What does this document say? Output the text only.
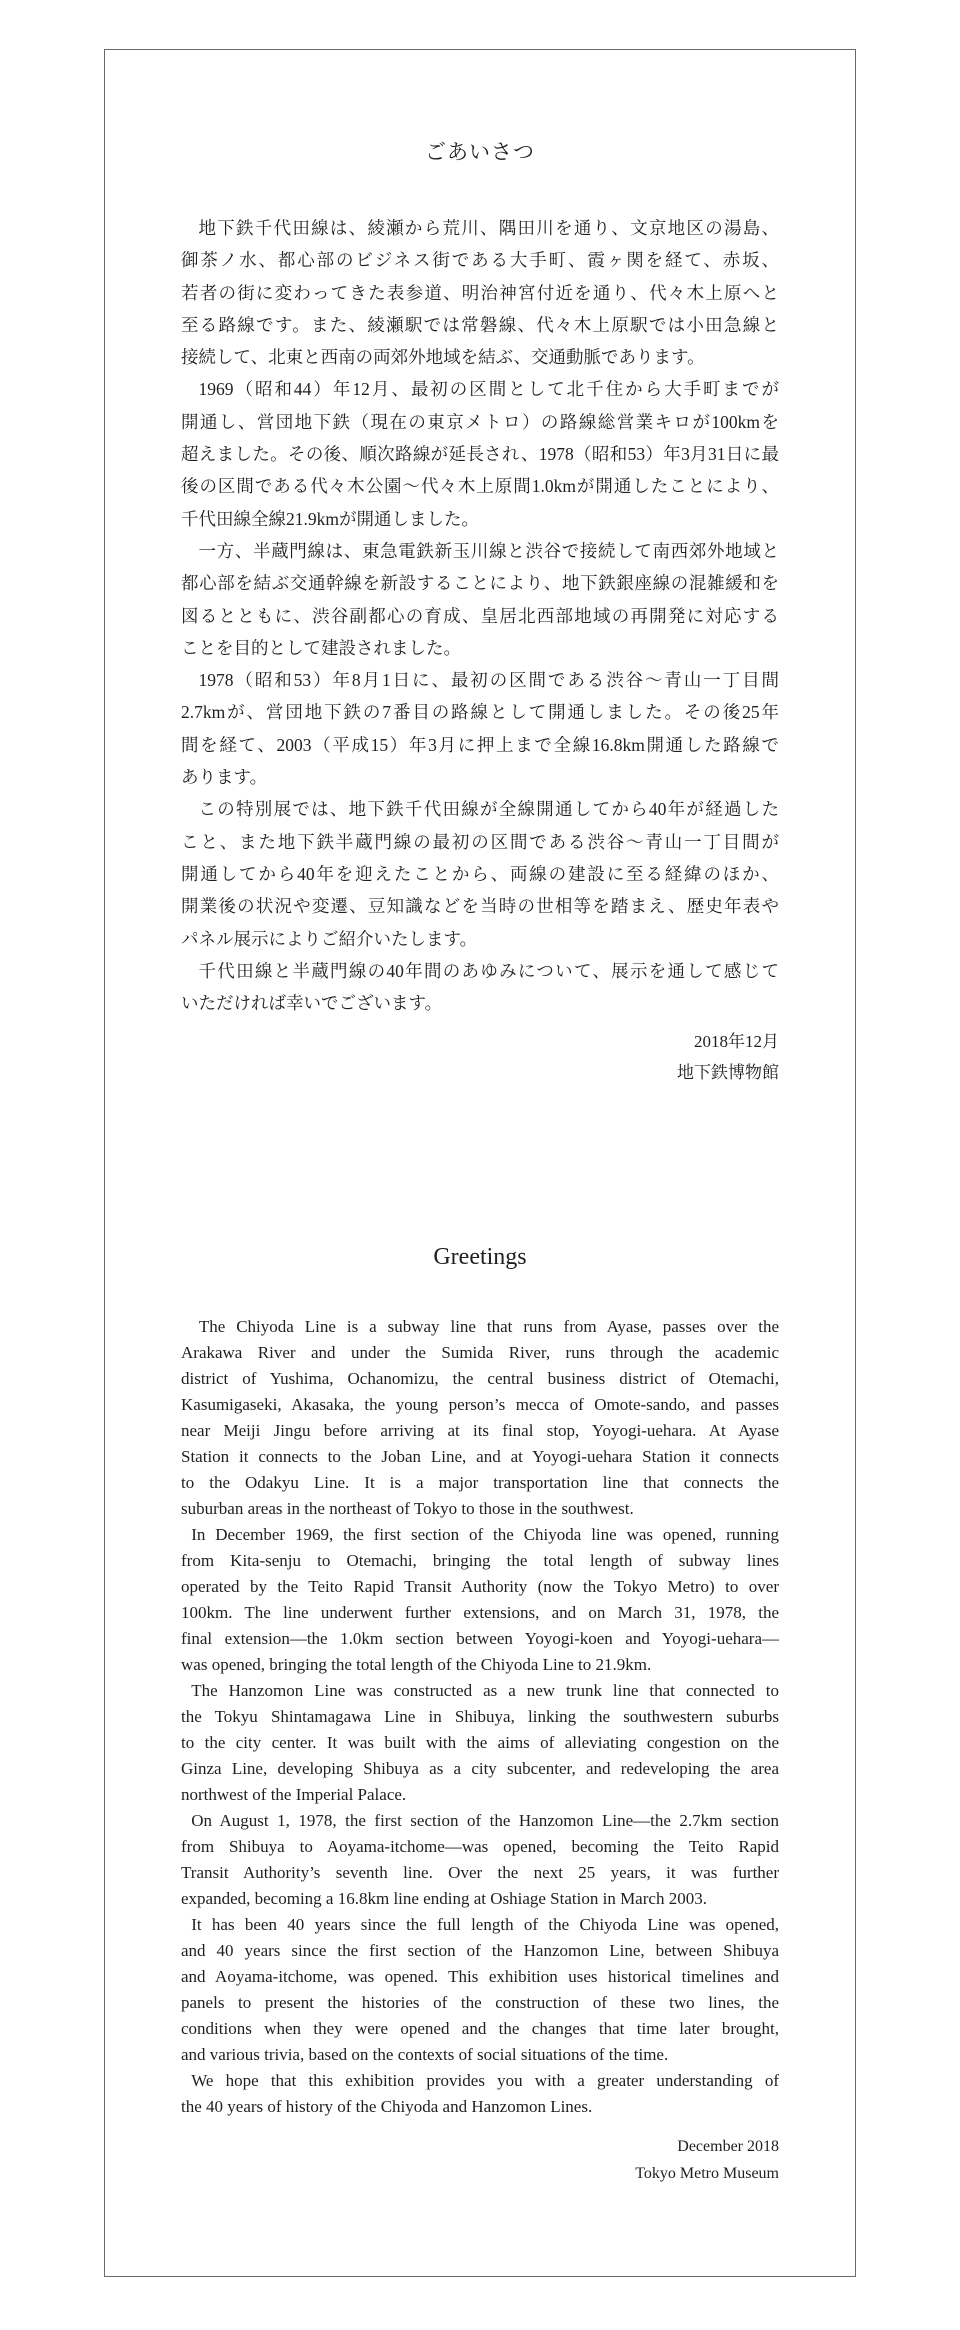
ごあいさつ
地下鉄千代田線は、綾瀬から荒川、隅田川を通り、文京地区の湯島、
御茶ノ水、都心部のビジネス街である大手町、霞ヶ関を経て、赤坂、
若者の街に変わってきた表参道、明治神宮付近を通り、代々木上原へと
至る路線です。また、綾瀬駅では常磐線、代々木上原駅では小田急線と
接続して、北東と西南の両郊外地域を結ぶ、交通動脈であります。
1969（昭和44）年12月、最初の区間として北千住から大手町までが
開通し、営団地下鉄（現在の東京メトロ）の路線総営業キロが100kmを
超えました。その後、順次路線が延長され、1978（昭和53）年3月31日に最
後の区間である代々木公園〜代々木上原間1.0kmが開通したことにより、
千代田線全線21.9kmが開通しました。
一方、半蔵門線は、東急電鉄新玉川線と渋谷で接続して南西郊外地域と
都心部を結ぶ交通幹線を新設することにより、地下鉄銀座線の混雑緩和を
図るとともに、渋谷副都心の育成、皇居北西部地域の再開発に対応する
ことを目的として建設されました。
1978（昭和53）年8月1日に、最初の区間である渋谷〜青山一丁目間
2.7kmが、営団地下鉄の7番目の路線として開通しました。その後25年
間を経て、2003（平成15）年3月に押上まで全線16.8km開通した路線で
あります。
この特別展では、地下鉄千代田線が全線開通してから40年が経過した
こと、また地下鉄半蔵門線の最初の区間である渋谷〜青山一丁目間が
開通してから40年を迎えたことから、両線の建設に至る経緯のほか、
開業後の状況や変遷、豆知識などを当時の世相等を踏まえ、歴史年表や
パネル展示によりご紹介いたします。
千代田線と半蔵門線の40年間のあゆみについて、展示を通して感じて
いただければ幸いでございます。
2018年12月
地下鉄博物館
Greetings
The Chiyoda Line is a subway line that runs from Ayase, passes over the
Arakawa River and under the Sumida River, runs through the academic
district of Yushima, Ochanomizu, the central business district of Otemachi,
Kasumigaseki, Akasaka, the young person’s mecca of Omote-sando, and passes
near Meiji Jingu before arriving at its final stop, Yoyogi-uehara. At Ayase
Station it connects to the Joban Line, and at Yoyogi-uehara Station it connects
to the Odakyu Line. It is a major transportation line that connects the
suburban areas in the northeast of Tokyo to those in the southwest.
In December 1969, the first section of the Chiyoda line was opened, running
from Kita-senju to Otemachi, bringing the total length of subway lines
operated by the Teito Rapid Transit Authority (now the Tokyo Metro) to over
100km. The line underwent further extensions, and on March 31, 1978, the
final extension—the 1.0km section between Yoyogi-koen and Yoyogi-uehara—
was opened, bringing the total length of the Chiyoda Line to 21.9km.
The Hanzomon Line was constructed as a new trunk line that connected to
the Tokyu Shintamagawa Line in Shibuya, linking the southwestern suburbs
to the city center. It was built with the aims of alleviating congestion on the
Ginza Line, developing Shibuya as a city subcenter, and redeveloping the area
northwest of the Imperial Palace.
On August 1, 1978, the first section of the Hanzomon Line—the 2.7km section
from Shibuya to Aoyama-itchome—was opened, becoming the Teito Rapid
Transit Authority’s seventh line. Over the next 25 years, it was further
expanded, becoming a 16.8km line ending at Oshiage Station in March 2003.
It has been 40 years since the full length of the Chiyoda Line was opened,
and 40 years since the first section of the Hanzomon Line, between Shibuya
and Aoyama-itchome, was opened. This exhibition uses historical timelines and
panels to present the histories of the construction of these two lines, the
conditions when they were opened and the changes that time later brought,
and various trivia, based on the contexts of social situations of the time.
We hope that this exhibition provides you with a greater understanding of
the 40 years of history of the Chiyoda and Hanzomon Lines.
December 2018
Tokyo Metro Museum
